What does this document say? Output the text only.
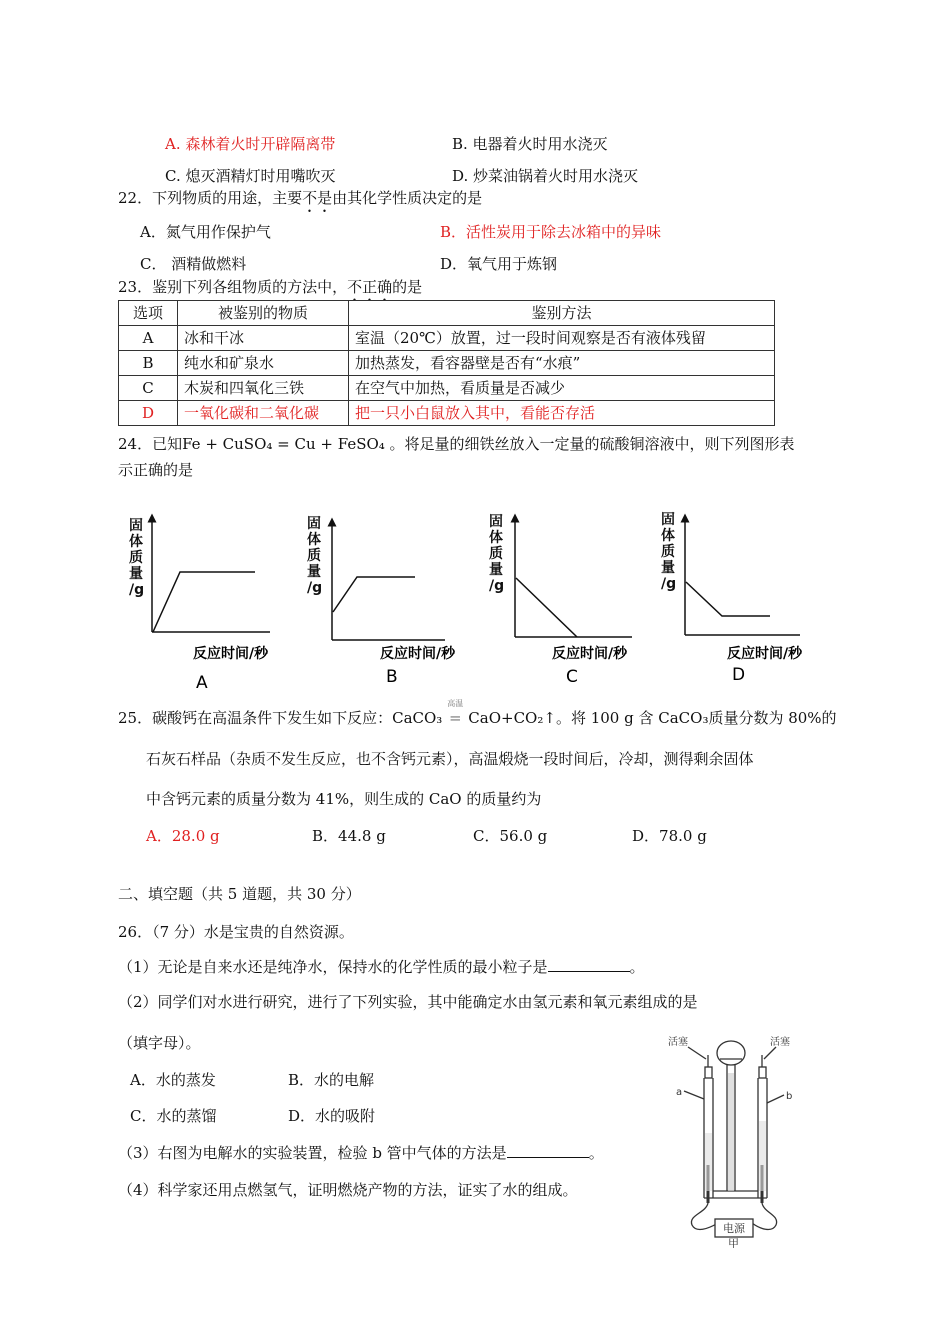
A. 森林着火时开辟隔离带	B. 电器着火时用水浇灭
C. 熄灭酒精灯时用嘴吹灭	D. 炒菜油锅着火时用水浇灭
22．下列物质的用途，主要不是由其化学性质决定的是
A．氮气用作保护气	B．活性炭用于除去冰箱中的异味
C． 酒精做燃料	D．氧气用于炼钢
23．鉴别下列各组物质的方法中，不正确的是
选项	被鉴别的物质	鉴别方法
A	冰和干冰	室温（20℃）放置，过一段时间观察是否有液体残留
B	纯水和矿泉水	加热蒸发，看容器壁是否有“水痕”
C	木炭和四氧化三铁	在空气中加热，看质量是否减少
D	一氧化碳和二氧化碳	把一只小白鼠放入其中，看能否存活
24．已知Fe + CuSO₄ = Cu + FeSO₄ 。将足量的细铁丝放入一定量的硫酸铜溶液中，则下列图形表
示正确的是
固
体
质
量
/g
反应时间/秒
A
固
体
质
量
/g
反应时间/秒
B
固
体
质
量
/g
反应时间/秒
C
固
体
质
量
/g
反应时间/秒
D
25．碳酸钙在高温条件下发生如下反应：CaCO₃
高温
= CaO+CO₂↑。将 100 g 含 CaCO₃质量分数为 80%的
石灰石样品（杂质不发生反应，也不含钙元素），高温煅烧一段时间后，冷却，测得剩余固体
中含钙元素的质量分数为 41%，则生成的 CaO 的质量约为
A．28.0 g	B．44.8 g	C．56.0 g	D．78.0 g
二、填空题（共 5 道题，共 30 分）
26．（7 分）水是宝贵的自然资源。
（1）无论是自来水还是纯净水，保持水的化学性质的最小粒子是	。
（2）同学们对水进行研究，进行了下列实验，其中能确定水由氢元素和氧元素组成的是
（填字母）。
A．水的蒸发	B．水的电解
C．水的蒸馏	D．水的吸附
（3）右图为电解水的实验装置，检验 b 管中气体的方法是	。
（4）科学家还用点燃氢气，证明燃烧产物的方法，证实了水的组成。
电源
活塞	活塞
a	b
甲
